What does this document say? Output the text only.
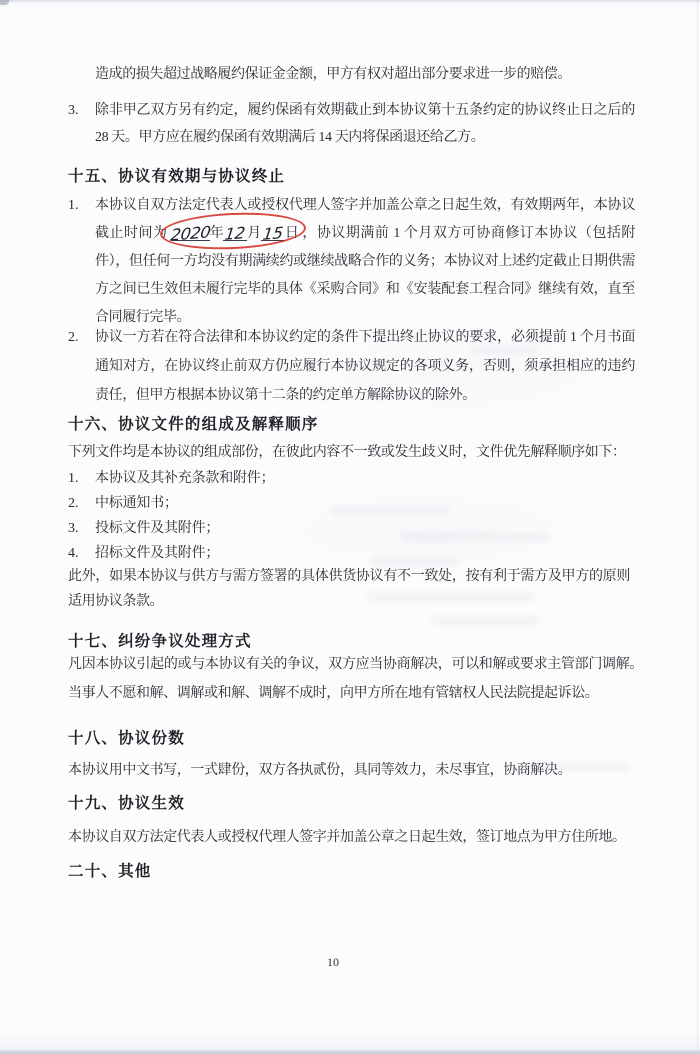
造成的损失超过战略履约保证金金额，甲方有权对超出部分要求进一步的赔偿。

3. 除非甲乙双方另有约定，履约保函有效期截止到本协议第十五条约定的协议终止日之后的 28 天。甲方应在履约保函有效期满后 14 天内将保函退还给乙方。

十五、协议有效期与协议终止
1. 本协议自双方法定代表人或授权代理人签字并加盖公章之日起生效，有效期两年，本协议截止时间为
2020年12月15日 ，协议期满前 1 个月双方可协商修订本协议（包括附件），但任何一方均没有期满续约或继续战略合作的义务；本协议对上述约定截止日期供需方之间已生效但未履行完毕的具体《采购合同》和《安装配套工程合同》继续有效，直至合同履行完毕。

2. 协议一方若在符合法律和本协议约定的条件下提出终止协议的要求，必须提前 1 个月书面通知对方，在协议终止前双方仍应履行本协议规定的各项义务，否则，须承担相应的违约责任，但甲方根据本协议第十二条的约定单方解除协议的除外。

十六、协议文件的组成及解释顺序

下列文件均是本协议的组成部份，在彼此内容不一致或发生歧义时，文件优先解释顺序如下：

1.	本协议及其补充条款和附件；
2.	中标通知书；
3.	投标文件及其附件；
4.	招标文件及其附件；

此外，如果本协议与供方与需方签署的具体供货协议有不一致处，按有利于需方及甲方的原则适用协议条款。

十七、纠纷争议处理方式

凡因本协议引起的或与本协议有关的争议，双方应当协商解决，可以和解或要求主管部门调解。当事人不愿和解、调解或和解、调解不成时，向甲方所在地有管辖权人民法院提起诉讼。

十八、协议份数

本协议用中文书写，一式肆份，双方各执贰份，具同等效力，未尽事宜，协商解决。

十九、协议生效

本协议自双方法定代表人或授权代理人签字并加盖公章之日起生效，签订地点为甲方住所地。

二十、其他
10
